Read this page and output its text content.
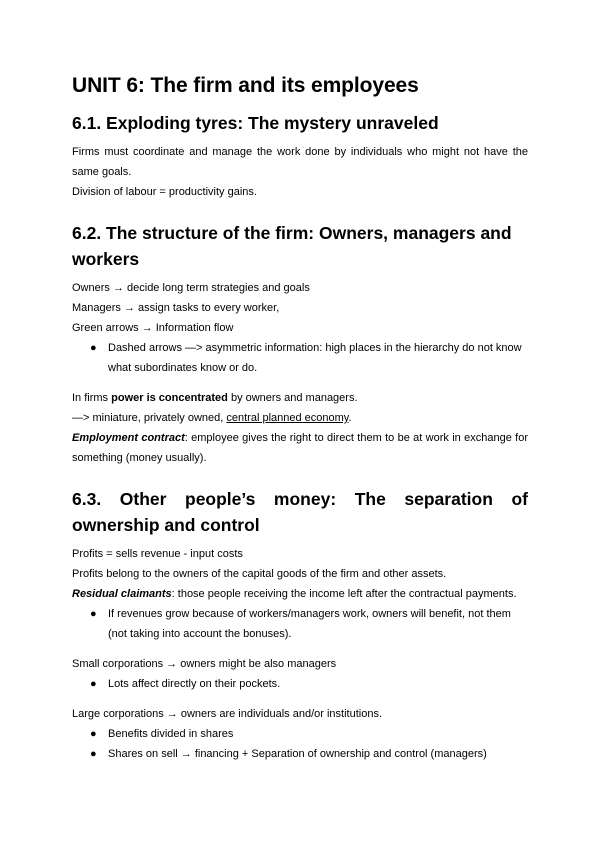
UNIT 6: The firm and its employees
6.1. Exploding tyres: The mystery unraveled

Firms must coordinate and manage the work done by individuals who might not have the same goals.

Division of labour = productivity gains.

6.2. The structure of the firm: Owners, managers and workers

Owners → decide long term strategies and goals

Managers → assign tasks to every worker,

Green arrows → Information flow

● Dashed arrows —> asymmetric information: high places in the hierarchy do not know what subordinates know or do.

In firms power is concentrated by owners and managers.

—> miniature, privately owned, central planned economy.

Employment contract: employee gives the right to direct them to be at work in exchange for something (money usually).

6.3. Other people’s money: The separation of ownership and control

Profits = sells revenue - input costs

Profits belong to the owners of the capital goods of the firm and other assets.

Residual claimants: those people receiving the income left after the contractual payments.

● If revenues grow because of workers/managers work, owners will benefit, not them (not taking into account the bonuses).

Small corporations → owners might be also managers

● Lots affect directly on their pockets.

Large corporations → owners are individuals and/or institutions.

● Benefits divided in shares
● Shares on sell → financing + Separation of ownership and control (managers)
